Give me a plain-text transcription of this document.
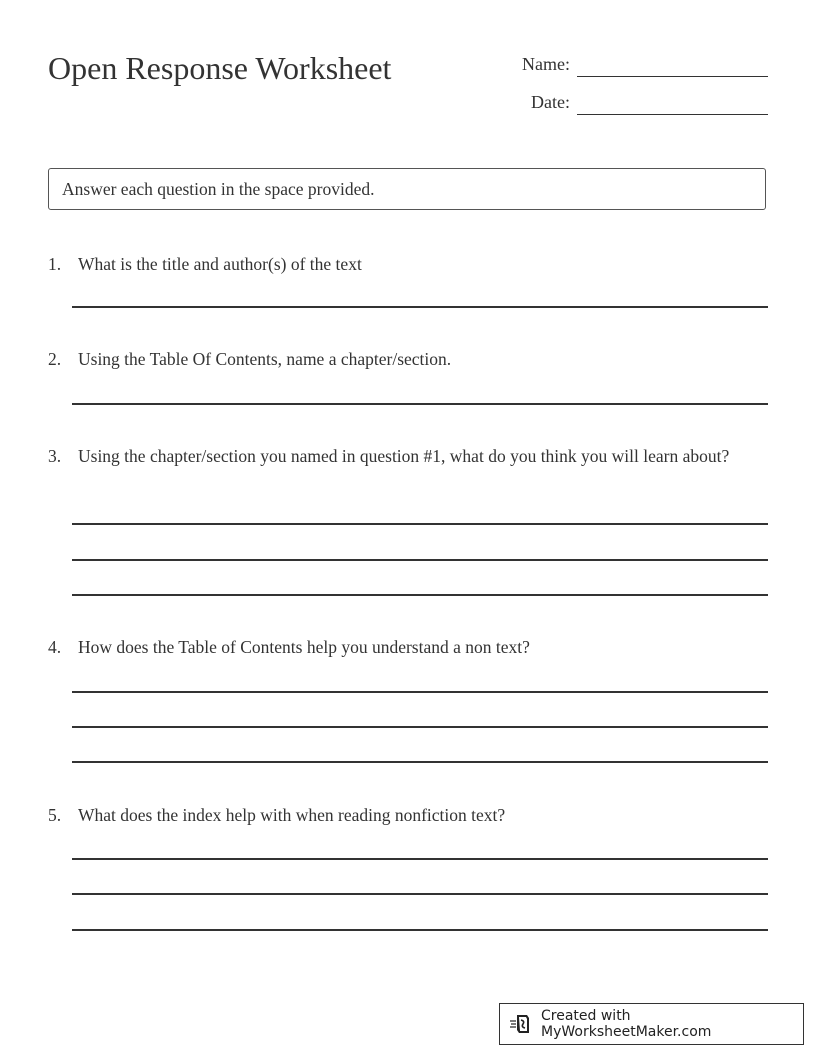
Open Response Worksheet	Name:
Date:
Answer each question in the space provided.
1. What is the title and author(s) of the text
2. Using the Table Of Contents, name a chapter/section.
3. Using the chapter/section you named in question #1, what do you think you will learn about?
4. How does the Table of Contents help you understand a non text?
5. What does the index help with when reading nonfiction text?
Created with MyWorksheetMaker.com
